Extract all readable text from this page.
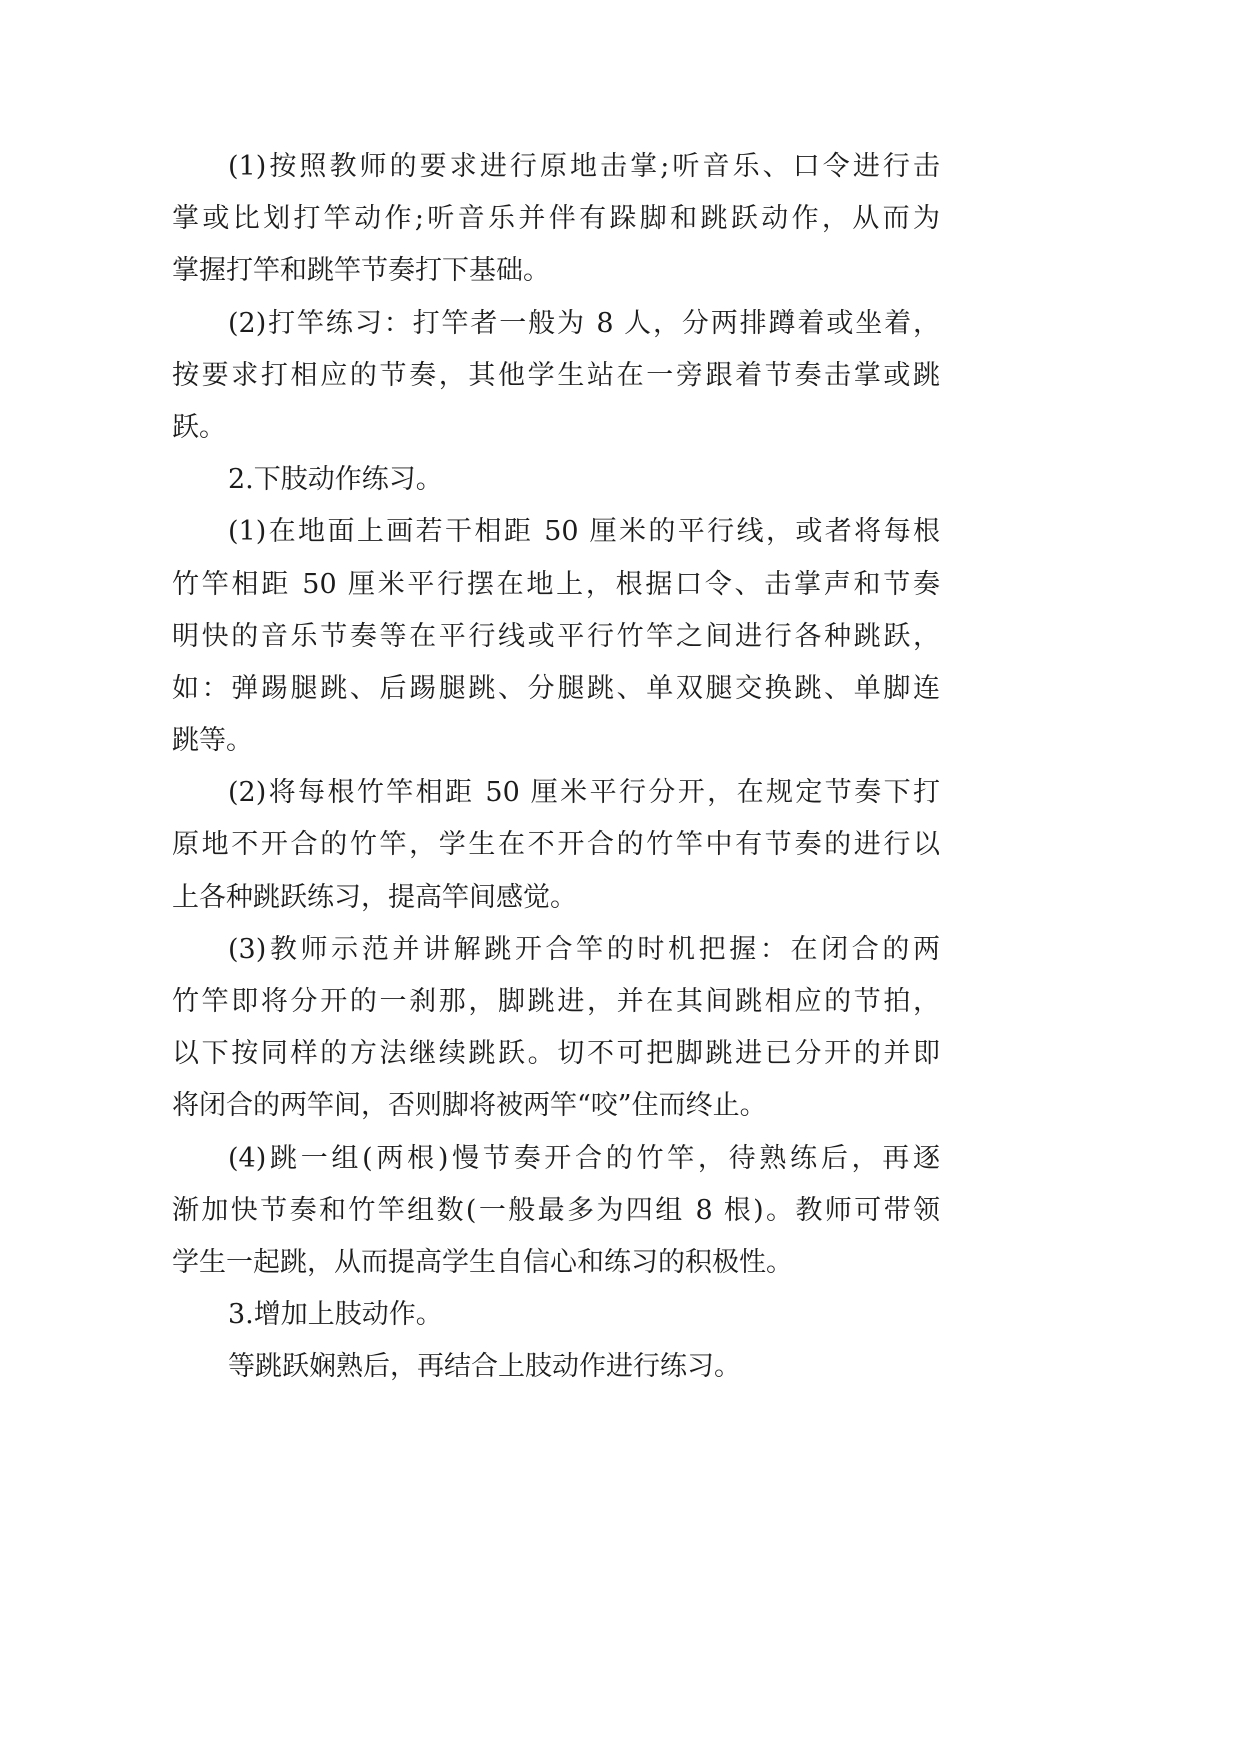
(1)按照教师的要求进行原地击掌;听音乐、口令进行击
掌或比划打竿动作;听音乐并伴有跺脚和跳跃动作，从而为
掌握打竿和跳竿节奏打下基础。
(2)打竿练习：打竿者一般为 8 人，分两排蹲着或坐着，
按要求打相应的节奏，其他学生站在一旁跟着节奏击掌或跳
跃。
2.下肢动作练习。
(1)在地面上画若干相距 50 厘米的平行线，或者将每根
竹竿相距 50 厘米平行摆在地上，根据口令、击掌声和节奏
明快的音乐节奏等在平行线或平行竹竿之间进行各种跳跃，
如：弹踢腿跳、后踢腿跳、分腿跳、单双腿交换跳、单脚连
跳等。
(2)将每根竹竿相距 50 厘米平行分开，在规定节奏下打
原地不开合的竹竿，学生在不开合的竹竿中有节奏的进行以
上各种跳跃练习，提高竿间感觉。
(3)教师示范并讲解跳开合竿的时机把握：在闭合的两
竹竿即将分开的一刹那，脚跳进，并在其间跳相应的节拍，
以下按同样的方法继续跳跃。切不可把脚跳进已分开的并即
将闭合的两竿间，否则脚将被两竿“咬”住而终止。
(4)跳一组(两根)慢节奏开合的竹竿，待熟练后，再逐
渐加快节奏和竹竿组数(一般最多为四组 8 根)。教师可带领
学生一起跳，从而提高学生自信心和练习的积极性。
3.增加上肢动作。
等跳跃娴熟后，再结合上肢动作进行练习。
